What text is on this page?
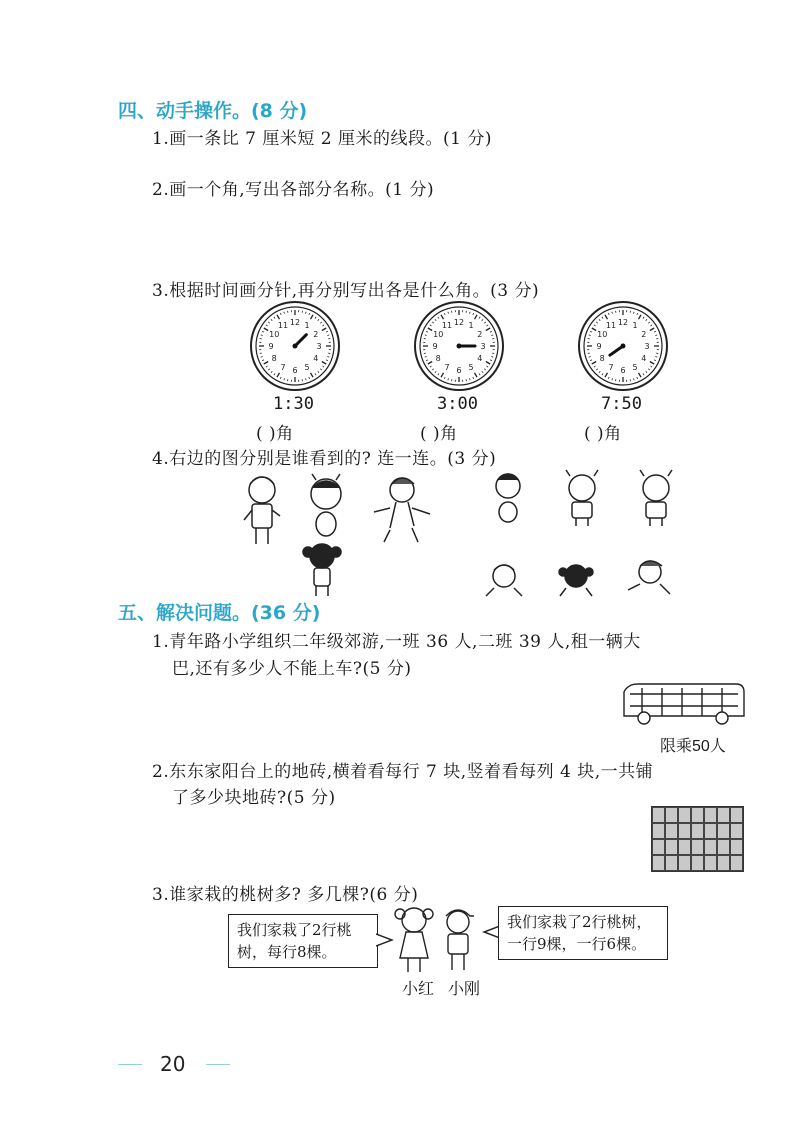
四、动手操作。(8 分)
1.画一条比 7 厘米短 2 厘米的线段。(1 分)
2.画一个角,写出各部分名称。(1 分)
3.根据时间画分针,再分别写出各是什么角。(3 分)
12 1
2
3
4
5
6
7
8
9
10
11	12 1
2
3
4
5
6
7
8
9
10
11	12 1
2
3
4
5
6
7
8
9
10
11
1:30	3:00	7:50
( )角	( )角	( )角
4.右边的图分别是谁看到的? 连一连。(3 分)
五、解决问题。(36 分)
1.青年路小学组织二年级郊游,一班 36 人,二班 39 人,租一辆大
巴,还有多少人不能上车?(5 分)
限乘50人
2.东东家阳台上的地砖,横着看每行 7 块,竖着看每列 4 块,一共铺
了多少块地砖?(5 分)
3.谁家栽的桃树多? 多几棵?(6 分)
我们家栽了2行桃
树，每行8棵。
我们家栽了2行桃树，
一行9棵，一行6棵。
小红 小刚
20
